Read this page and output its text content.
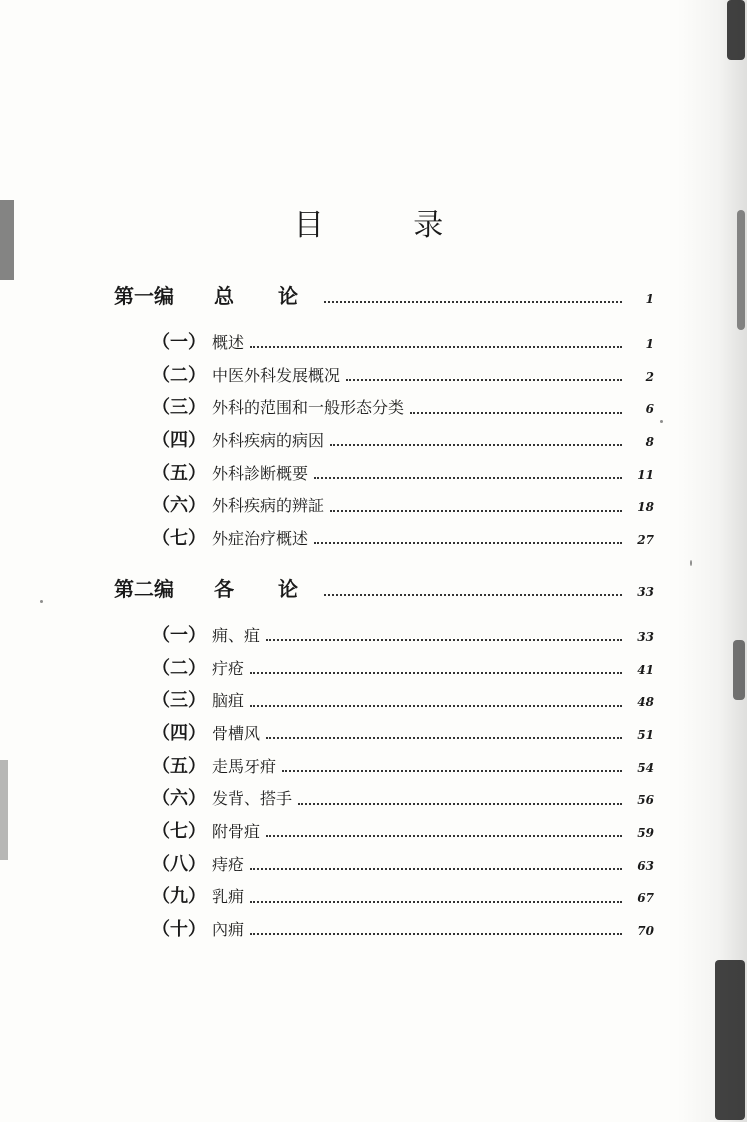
目 录
第一编	总论	1
（一） 概述	1
（二） 中医外科发展概况	2
（三） 外科的范围和一般形态分类	6
（四） 外科疾病的病因	8
（五） 外科診断概要	11
（六） 外科疾病的辨証	18
（七） 外症治疗概述	27
第二编	各论	33
（一） 痈、疽	33
（二） 疔疮	41
（三） 脑疽	48
（四） 骨槽风	51
（五） 走馬牙疳	54
（六） 发背、搭手	56
（七） 附骨疽	59
（八） 痔疮	63
（九） 乳痈	67
（十） 內痈	70
